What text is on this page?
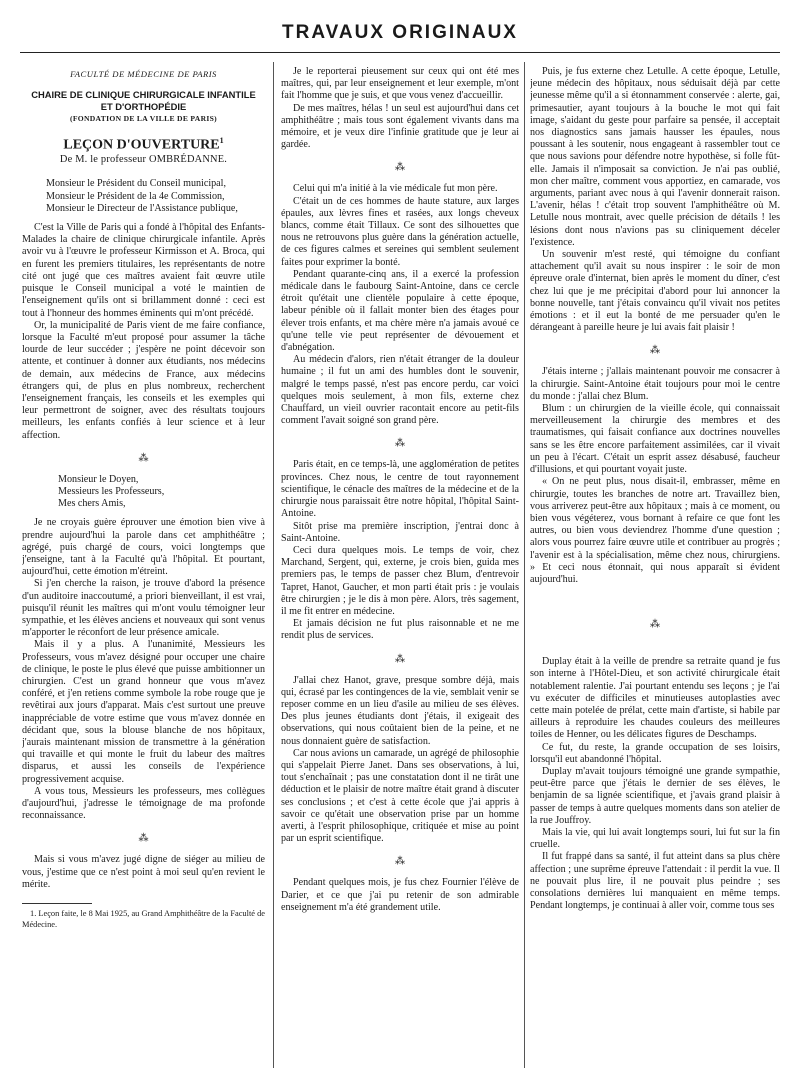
TRAVAUX ORIGINAUX
FACULTÉ DE MÉDECINE DE PARIS
CHAIRE DE CLINIQUE CHIRURGICALE INFANTILE
ET D'ORTHOPÉDIE
(FONDATION DE LA VILLE DE PARIS)
LEÇON D'OUVERTURE$^1$
De M. le professeur OMBRÉDANNE.
Monsieur le Président du Conseil municipal,
Monsieur le Président de la 4e Commission,
Monsieur le Directeur de l'Assistance publique,

C'est la Ville de Paris qui a fondé à l'hôpital des Enfants-Malades la chaire de clinique chirurgicale infantile. Après avoir vu à l'œuvre le professeur Kirmisson et A. Broca, qui en furent les premiers titulaires, les représentants de notre cité ont jugé que ces maîtres avaient fait œuvre utile puisque le Conseil municipal a voté le maintien de l'enseignement qu'ils ont si brillamment donné : ceci est tout à l'honneur des hommes éminents qui m'ont précédé.

Or, la municipalité de Paris vient de me faire confiance, lorsque la Faculté m'eut proposé pour assumer la tâche lourde de leur succéder ; j'espère ne point décevoir son attente, et continuer à donner aux étudiants, nos médecins de demain, aux médecins de France, aux médecins étrangers qui, de plus en plus nombreux, recherchent l'enseignement français, les conseils et les exemples qui leur permettront de soigner, avec des résultats toujours meilleurs, les enfants confiés à leur science et à leur affection.

⁂
Monsieur le Doyen,
Messieurs les Professeurs,
Mes chers Amis,

Je ne croyais guère éprouver une émotion bien vive à prendre aujourd'hui la parole dans cet amphithéâtre ; agrégé, puis chargé de cours, voici longtemps que j'enseigne, tant à la Faculté qu'à l'hôpital. Et pourtant, aujourd'hui, cette émotion m'étreint.

Si j'en cherche la raison, je trouve d'abord la présence d'un auditoire inaccoutumé, a priori bienveillant, il est vrai, puisqu'il réunit les maîtres qui m'ont voulu témoigner leur sympathie, et les élèves anciens et nouveaux qui sont venus m'apporter le réconfort de leur présence amicale.

Mais il y a plus. A l'unanimité, Messieurs les Professeurs, vous m'avez désigné pour occuper une chaire de clinique, le poste le plus élevé que puisse ambitionner un chirurgien. C'est un grand honneur que vous m'avez conféré, et j'en retiens comme symbole la robe rouge que je revêtirai aux jours d'apparat. Mais c'est surtout une preuve inappréciable de votre estime que vous m'avez donnée en décidant que, sous la blouse blanche de nos hôpitaux, j'aurais maintenant mission de transmettre à la génération qui travaille et qui monte le fruit du labeur des maîtres disparus, et aussi les conseils de l'expérience progressivement acquise.

A vous tous, Messieurs les professeurs, mes collègues d'aujourd'hui, j'adresse le témoignage de ma profonde reconnaissance.

⁂

Mais si vous m'avez jugé digne de siéger au milieu de vous, j'estime que ce n'est point à moi seul qu'en revient le mérite.

1. Leçon faite, le 8 Mai 1925, au Grand Amphithéâtre de la Faculté de Médecine.

Je le reporterai pieusement sur ceux qui ont été mes maîtres, qui, par leur enseignement et leur exemple, m'ont fait l'homme que je suis, et que vous venez d'accueillir.

De mes maîtres, hélas ! un seul est aujourd'hui dans cet amphithéâtre ; mais tous sont également vivants dans ma mémoire, et je veux dire l'infinie gratitude que je leur ai gardée.

⁂

Celui qui m'a initié à la vie médicale fut mon père.

C'était un de ces hommes de haute stature, aux larges épaules, aux lèvres fines et rasées, aux longs cheveux blancs, comme était Tillaux. Ce sont des silhouettes que nous ne retrouvons plus guère dans la génération actuelle, de ces figures calmes et sereines qui semblent seulement faites pour exprimer la bonté.

Pendant quarante-cinq ans, il a exercé la profession médicale dans le faubourg Saint-Antoine, dans ce cercle étroit qu'était une clientèle populaire à cette époque, labeur pénible où il fallait monter bien des étages pour élever trois enfants, et ma chère mère n'a jamais avoué ce qu'une telle vie peut représenter de dévouement et d'abnégation.

Au médecin d'alors, rien n'était étranger de la douleur humaine ; il fut un ami des humbles dont le souvenir, malgré le temps passé, n'est pas encore perdu, car voici quelques mois seulement, à mon fils, externe chez Chauffard, un vieil ouvrier racontait encore au petit-fils comment l'avait soigné son grand père.

⁂

Paris était, en ce temps-là, une agglomération de petites provinces. Chez nous, le centre de tout rayonnement scientifique, le cénacle des maîtres de la médecine et de la chirurgie nous paraissait être notre hôpital, l'hôpital Saint-Antoine.

Sitôt prise ma première inscription, j'entrai donc à Saint-Antoine.

Ceci dura quelques mois. Le temps de voir, chez Marchand, Sergent, qui, externe, je crois bien, guida mes premiers pas, le temps de passer chez Blum, d'entrevoir Tapret, Hanot, Gaucher, et mon parti était pris : je voulais être chirurgien ; je le dis à mon père. Alors, très sagement, il me fit entrer en médecine.

Et jamais décision ne fut plus raisonnable et ne me rendit plus de services.

⁂

J'allai chez Hanot, grave, presque sombre déjà, mais qui, écrasé par les contingences de la vie, semblait venir se reposer comme en un lieu d'asile au milieu de ses élèves. Des plus jeunes étudiants dont j'étais, il exigeait des observations, qui nous coûtaient bien de la peine, et ne nous donnaient guère de satisfaction.

Car nous avions un camarade, un agrégé de philosophie qui s'appelait Pierre Janet. Dans ses observations, à lui, tout s'enchaînait ; pas une constatation dont il ne tirât une déduction et le plaisir de notre maître était grand à discuter ses conclusions ; et c'est à cette école que j'ai appris à savoir ce qu'était une observation prise par un homme averti, à l'esprit philosophique, critiquée et mise au point par un esprit scientifique.

⁂

Pendant quelques mois, je fus chez Fournier l'élève de Darier, et ce que j'ai pu retenir de son admirable enseignement m'a été grandement utile.

Puis, je fus externe chez Letulle. A cette époque, Letulle, jeune médecin des hôpitaux, nous séduisait déjà par cette jeunesse même qu'il a si étonnamment conservée : alerte, gai, primesautier, ayant toujours à la bouche le mot qui fait image, s'aidant du geste pour parfaire sa pensée, il acceptait nos diagnostics sans jamais hausser les épaules, nous poussant à les soutenir, nous engageant à rassembler tout ce que nous savions pour défendre notre hypothèse, si folle fût-elle. Jamais il n'imposait sa conviction. Je n'ai pas oublié, mon cher maître, comment vous apportiez, en camarade, vos arguments, pariant avec nous à qui l'avenir donnerait raison. L'avenir, hélas ! c'était trop souvent l'amphithéâtre où M. Letulle nous montrait, avec quelle précision de détails ! les lésions dont nous n'avions pas su cliniquement déceler l'existence.

Un souvenir m'est resté, qui témoigne du confiant attachement qu'il avait su nous inspirer : le soir de mon épreuve orale d'internat, bien après le moment du dîner, c'est chez lui que je me précipitai d'abord pour lui annoncer la bonne nouvelle, tant j'étais convaincu qu'il vivait nos petites émotions : et il eut la bonté de me persuader qu'en le dérangeant à pareille heure je lui avais fait plaisir !

⁂

J'étais interne ; j'allais maintenant pouvoir me consacrer à la chirurgie. Saint-Antoine était toujours pour moi le centre du monde : j'allai chez Blum.

Blum : un chirurgien de la vieille école, qui connaissait merveilleusement la chirurgie des membres et des traumatismes, qui faisait confiance aux doctrines nouvelles sans se les être encore parfaitement assimilées, car il vivait un peu à l'écart. C'était un esprit assez désabusé, faucheur d'illusions, et qui pourtant voyait juste.

« On ne peut plus, nous disait-il, embrasser, même en chirurgie, toutes les branches de notre art. Travaillez bien, vous arriverez peut-être aux hôpitaux ; mais à ce moment, ou bien vous végéterez, vous bornant à refaire ce que font les autres, ou bien vous deviendrez l'homme d'une question ; alors vous pourrez faire œuvre utile et contribuer au progrès ; l'avenir est à la spécialisation, même chez nous, chirurgiens. » Et ceci nous étonnait, qui nous apparaît si évident aujourd'hui.

⁂

Duplay était à la veille de prendre sa retraite quand je fus son interne à l'Hôtel-Dieu, et son activité chirurgicale était notablement ralentie. J'ai pourtant entendu ses leçons ; je l'ai vu exécuter de difficiles et minutieuses autoplasties avec cette main potelée de prélat, cette main d'artiste, si habile par ailleurs à reproduire les chaudes couleurs des meilleures toiles de Henner, ou les délicates figures de Deschamps.

Ce fut, du reste, la grande occupation de ses loisirs, lorsqu'il eut abandonné l'hôpital.

Duplay m'avait toujours témoigné une grande sympathie, peut-être parce que j'étais le dernier de ses élèves, le benjamin de sa lignée scientifique, et j'avais grand plaisir à passer de temps à autre quelques moments dans son atelier de la rue Jouffroy.

Mais la vie, qui lui avait longtemps souri, lui fut sur la fin cruelle.

Il fut frappé dans sa santé, il fut atteint dans sa plus chère affection ; une suprême épreuve l'attendait : il perdit la vue. Il ne pouvait plus lire, il ne pouvait plus peindre ; ses consolations dernières lui manquaient en même temps. Pendant longtemps, je continuai à aller voir, comme tous ses
